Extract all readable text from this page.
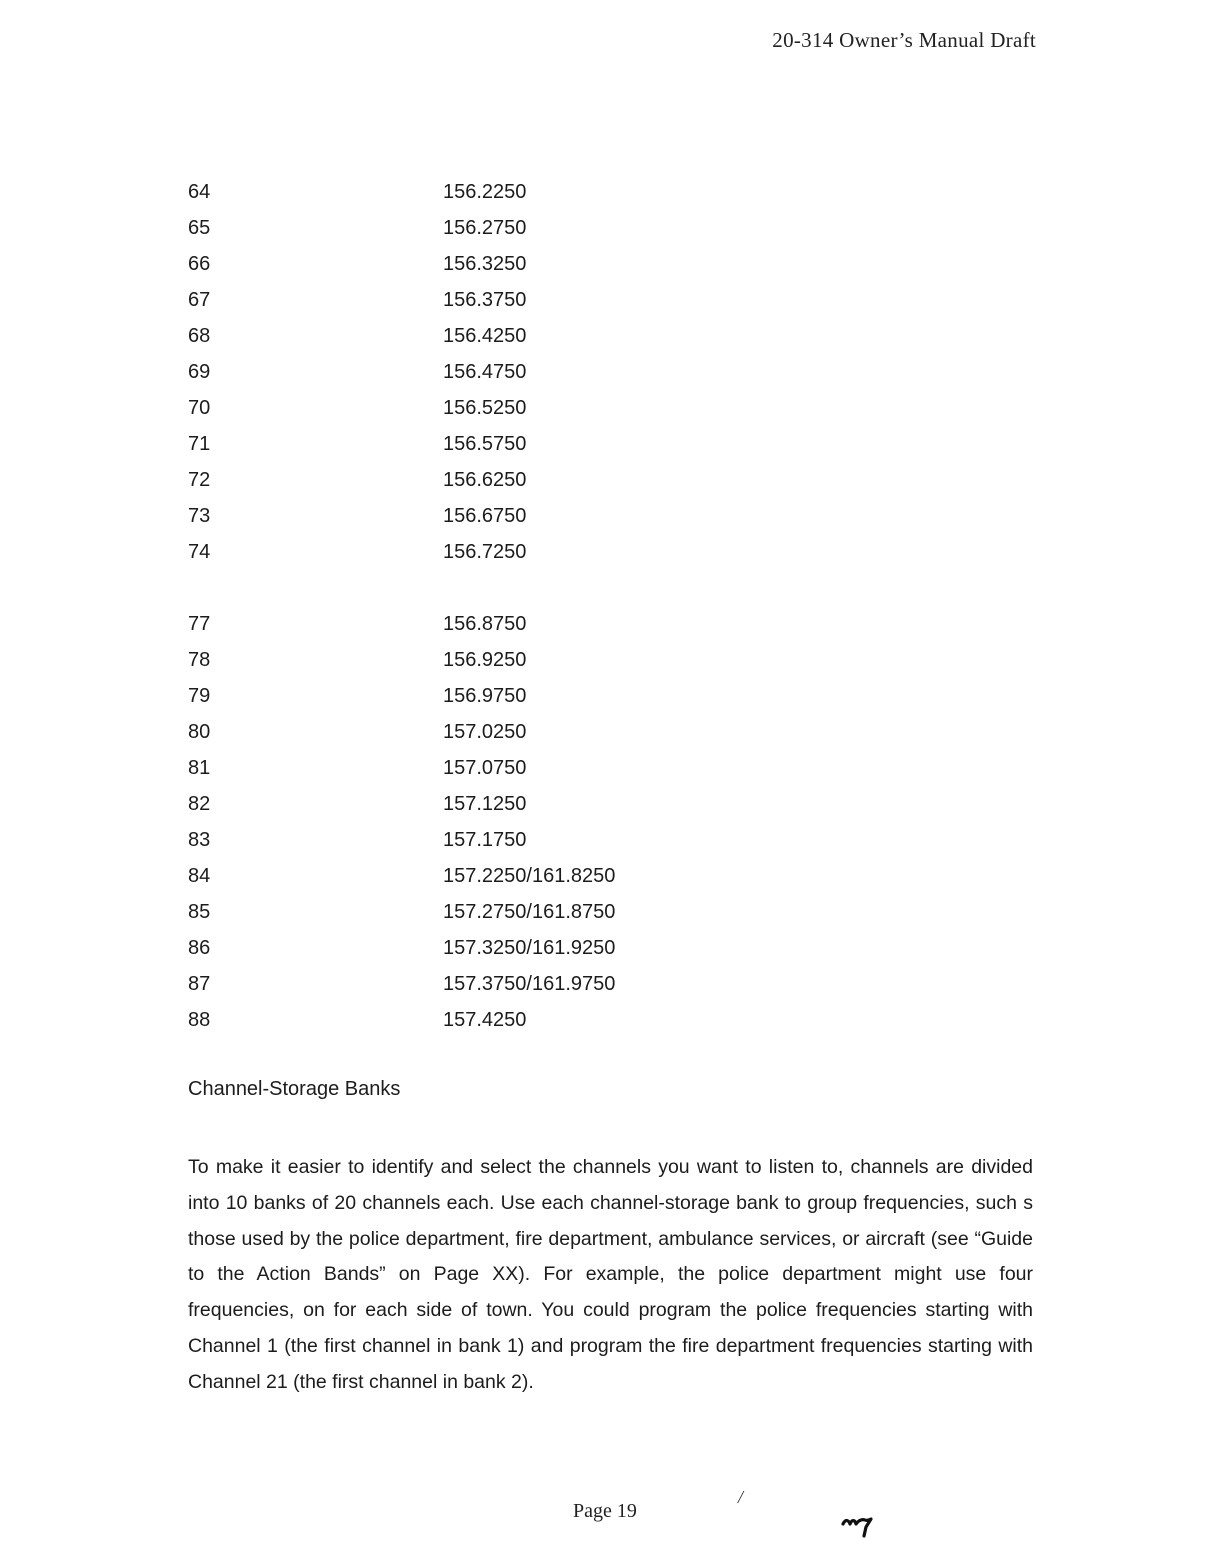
20-314 Owner’s Manual Draft
64	156.2250
65	156.2750
66	156.3250
67	156.3750
68	156.4250
69	156.4750
70	156.5250
71	156.5750
72	156.6250
73	156.6750
74	156.7250
77	156.8750
78	156.9250
79	156.9750
80	157.0250
81	157.0750
82	157.1250
83	157.1750
84	157.2250/161.8250
85	157.2750/161.8750
86	157.3250/161.9250
87	157.3750/161.9750
88	157.4250
Channel-Storage Banks

To make it easier to identify and select the channels you want to listen to, channels are divided into 10 banks of 20 channels each. Use each channel-storage bank to group frequencies, such s those used by the police department, fire department, ambulance services, or aircraft (see “Guide to the Action Bands” on Page XX). For example, the police department might use four frequencies, on for each side of town. You could program the police frequencies starting with Channel 1 (the first channel in bank 1) and program the fire department frequencies starting with Channel 21 (the first channel in bank 2).

Page 19
/
